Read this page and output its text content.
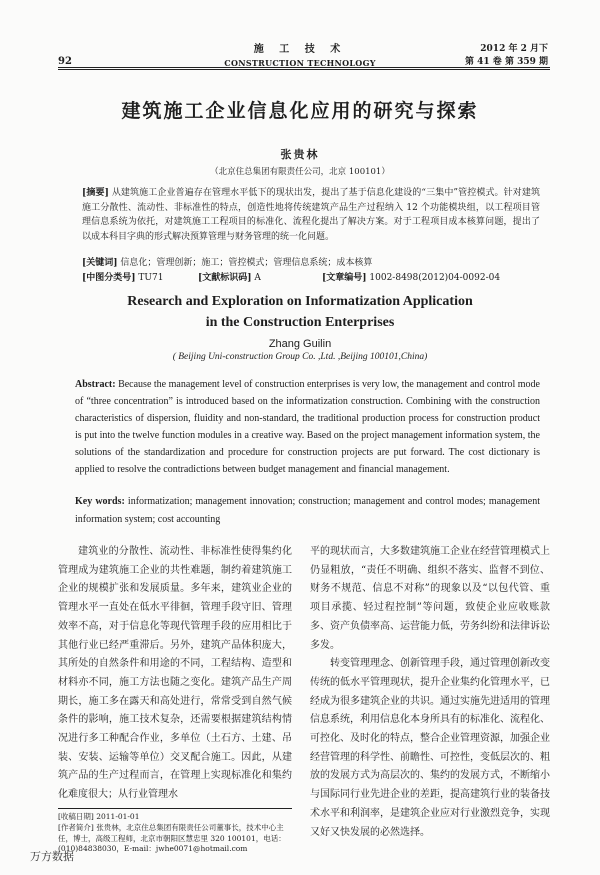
92
施 工 技 术
CONSTRUCTION TECHNOLOGY
2012 年 2 月下
第 41 卷 第 359 期
建筑施工企业信息化应用的研究与探索
张贵林
（北京住总集团有限责任公司，北京 100101）
[摘要] 从建筑施工企业普遍存在管理水平低下的现状出发，提出了基于信息化建设的“三集中”管控模式。针对建筑施工分散性、流动性、非标准性的特点，创造性地将传统建筑产品生产过程纳入 12 个功能模块组，以工程项目管理信息系统为依托，对建筑施工工程项目的标准化、流程化提出了解决方案。对于工程项目成本核算问题，提出了以成本科目字典的形式解决预算管理与财务管理的统一化问题。
[关键词] 信息化；管理创新；施工；管控模式；管理信息系统；成本核算
[中图分类号] TU71	[文献标识码] A	[文章编号] 1002-8498(2012)04-0092-04
Research and Exploration on Informatization Application
in the Construction Enterprises
Zhang Guilin
( Beijing Uni-construction Group Co. ,Ltd. ,Beijing 100101,China)
Abstract: Because the management level of construction enterprises is very low, the management and control mode of “three concentration” is introduced based on the informatization construction. Combining with the construction characteristics of dispersion, fluidity and non-standard, the traditional production process for construction product is put into the twelve function modules in a creative way. Based on the project management information system, the solutions of the standardization and procedure for construction projects are put forward. The cost dictionary is applied to resolve the contradictions between budget management and financial management.
Key words: informatization; management innovation; construction; management and control modes; management information system; cost accounting

建筑业的分散性、流动性、非标准性使得集约化管理成为建筑施工企业的共性难题，制约着建筑施工企业的规模扩张和发展质量。多年来，建筑业企业的管理水平一直处在低水平徘徊，管理手段守旧、管理效率不高，对于信息化等现代管理手段的应用相比于其他行业已经严重滞后。另外，建筑产品体积庞大，其所处的自然条件和用途的不同，工程结构、造型和材料亦不同，施工方法也随之变化。建筑产品生产周期长，施工多在露天和高处进行，常常受到自然气候条件的影响，施工技术复杂，还需要根据建筑结构情况进行多工种配合作业，多单位（土石方、土建、吊装、安装、运输等单位）交叉配合施工。因此，从建筑产品的生产过程而言，在管理上实现标准化和集约化难度很大；从行业管理水

平的现状而言，大多数建筑施工企业在经营管理模式上仍显粗放，“责任不明确、组织不落实、监督不到位、财务不规范、信息不对称”的现象以及“以包代管、重项目承揽、轻过程控制”等问题，致使企业应收账款多、资产负债率高、运营能力低，劳务纠纷和法律诉讼多发。

转变管理理念、创新管理手段，通过管理创新改变传统的低水平管理现状，提升企业集约化管理水平，已经成为很多建筑企业的共识。通过实施先进适用的管理信息系统，利用信息化本身所具有的标准化、流程化、可控化、及时化的特点，整合企业管理资源，加强企业经营管理的科学性、前瞻性、可控性，变低层次的、粗放的发展方式为高层次的、集约的发展方式，不断缩小与国际同行业先进企业的差距，提高建筑行业的装备技术水平和利润率，是建筑企业应对行业激烈竞争，实现又好又快发展的必然选择。

[收稿日期] 2011-01-01
[作者简介] 张贵林，北京住总集团有限责任公司董事长，技术中心主任，博士，高级工程师，北京市朝阳区慧忠里 320 100101，电话：(010)84838030，E-mail：jwhe0071@hotmail.com
万方数据
